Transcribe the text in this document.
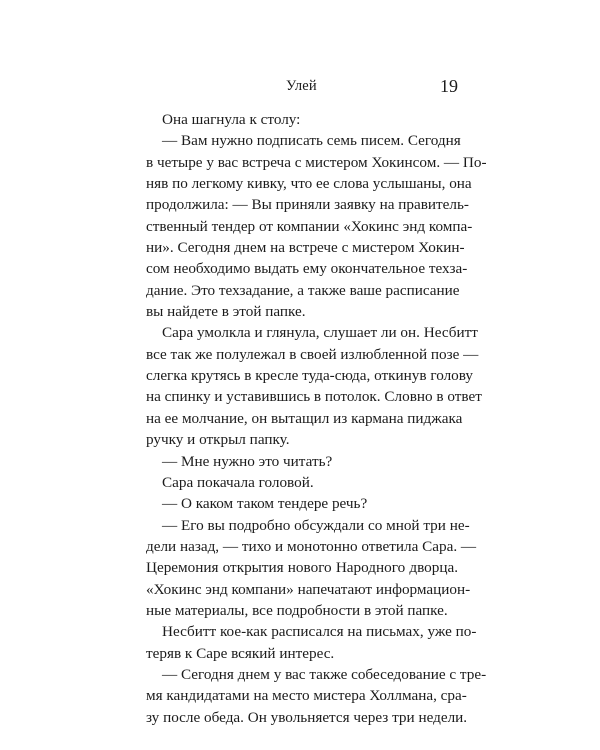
Улей	19
Она шагнула к столу:
— Вам нужно подписать семь писем. Сегодня
в четыре у вас встреча с мистером Хокинсом. — По-
няв по легкому кивку, что ее слова услышаны, она
продолжила: — Вы приняли заявку на правитель-
ственный тендер от компании «Хокинс энд компа-
ни». Сегодня днем на встрече с мистером Хокин-
сом необходимо выдать ему окончательное техза-
дание. Это техзадание, а также ваше расписание
вы найдете в этой папке.
Сара умолкла и глянула, слушает ли он. Несбитт
все так же полулежал в своей излюбленной позе —
слегка крутясь в кресле туда-сюда, откинув голову
на спинку и уставившись в потолок. Словно в ответ
на ее молчание, он вытащил из кармана пиджака
ручку и открыл папку.
— Мне нужно это читать?
Сара покачала головой.
— О каком таком тендере речь?
— Его вы подробно обсуждали со мной три не-
дели назад, — тихо и монотонно ответила Сара. —
Церемония открытия нового Народного дворца.
«Хокинс энд компани» напечатают информацион-
ные материалы, все подробности в этой папке.
Несбитт кое-как расписался на письмах, уже по-
теряв к Саре всякий интерес.
— Сегодня днем у вас также собеседование с тре-
мя кандидатами на место мистера Холлмана, сра-
зу после обеда. Он увольняется через три недели.
